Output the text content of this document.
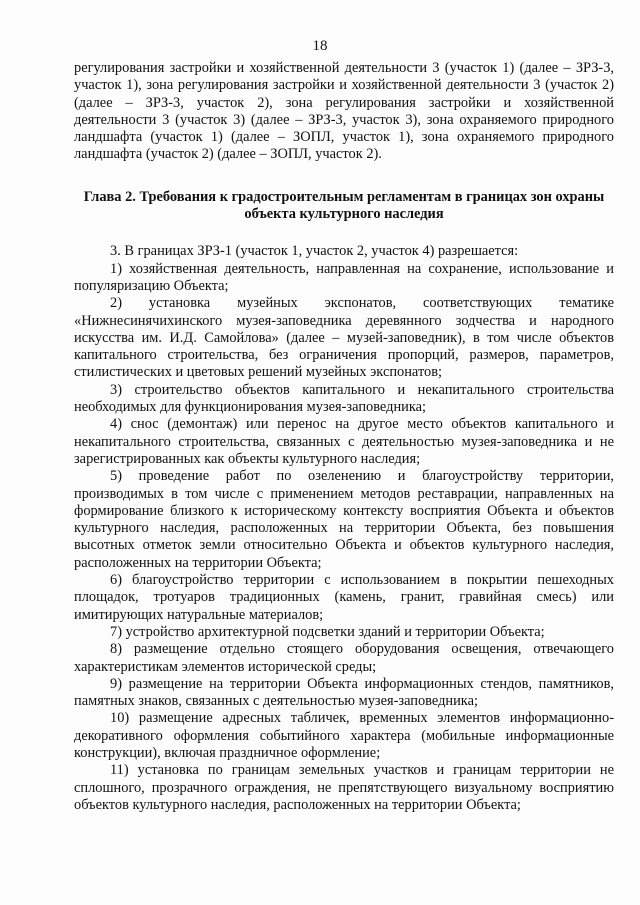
18

регулирования застройки и хозяйственной деятельности 3 (участок 1) (далее – ЗРЗ-3, участок 1), зона регулирования застройки и хозяйственной деятельности 3 (участок 2) (далее – ЗРЗ-3, участок 2), зона регулирования застройки и хозяйственной деятельности 3 (участок 3) (далее – ЗРЗ-3, участок 3), зона охраняемого природного ландшафта (участок 1) (далее – ЗОПЛ, участок 1), зона охраняемого природного ландшафта (участок 2) (далее – ЗОПЛ, участок 2).

Глава 2. Требования к градостроительным регламентам в границах зон охраны объекта культурного наследия

3. В границах ЗРЗ-1 (участок 1, участок 2, участок 4) разрешается:

1) хозяйственная деятельность, направленная на сохранение, использование и популяризацию Объекта;

2) установка музейных экспонатов, соответствующих тематике «Нижнесинячихинского музея-заповедника деревянного зодчества и народного искусства им. И.Д. Самойлова» (далее – музей-заповедник), в том числе объектов капитального строительства, без ограничения пропорций, размеров, параметров, стилистических и цветовых решений музейных экспонатов;

3) строительство объектов капитального и некапитального строительства необходимых для функционирования музея-заповедника;

4) снос (демонтаж) или перенос на другое место объектов капитального и некапитального строительства, связанных с деятельностью музея-заповедника и не зарегистрированных как объекты культурного наследия;

5) проведение работ по озеленению и благоустройству территории, производимых в том числе с применением методов реставрации, направленных на формирование близкого к историческому контексту восприятия Объекта и объектов культурного наследия, расположенных на территории Объекта, без повышения высотных отметок земли относительно Объекта и объектов культурного наследия, расположенных на территории Объекта;

6) благоустройство территории с использованием в покрытии пешеходных площадок, тротуаров традиционных (камень, гранит, гравийная смесь) или имитирующих натуральные материалов;

7) устройство архитектурной подсветки зданий и территории Объекта;

8) размещение отдельно стоящего оборудования освещения, отвечающего характеристикам элементов исторической среды;

9) размещение на территории Объекта информационных стендов, памятников, памятных знаков, связанных с деятельностью музея-заповедника;

10) размещение адресных табличек, временных элементов информационно-декоративного оформления событийного характера (мобильные информационные конструкции), включая праздничное оформление;

11) установка по границам земельных участков и границам территории не сплошного, прозрачного ограждения, не препятствующего визуальному восприятию объектов культурного наследия, расположенных на территории Объекта;
